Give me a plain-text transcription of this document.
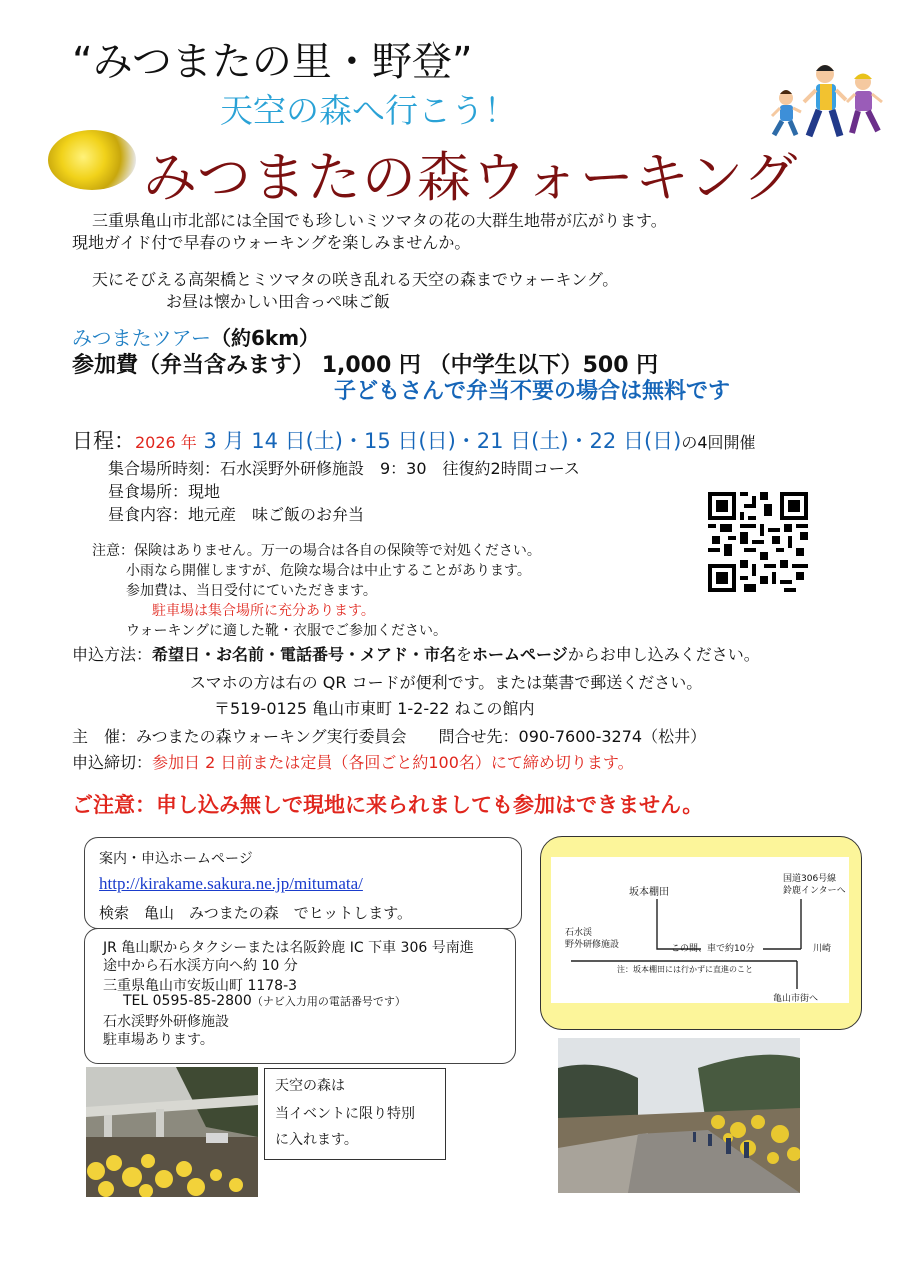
“みつまたの里・野登”
天空の森へ行こう！
みつまたの森ウォーキング
三重県亀山市北部には全国でも珍しいミツマタの花の大群生地帯が広がります。
現地ガイド付で早春のウォーキングを楽しみませんか。
天にそびえる高架橋とミツマタの咲き乱れる天空の森までウォーキング。
お昼は懐かしい田舎っぺ味ご飯
みつまたツアー（約6km）
参加費（弁当含みます） 1,000 円 （中学生以下）500 円
子どもさんで弁当不要の場合は無料です
日程：2026 年 3 月 14 日(土)・15 日(日)・21 日(土)・22 日(日)の4回開催
集合場所時刻：石水渓野外研修施設　9：30　往復約2時間コース
昼食場所：現地
昼食内容：地元産　味ご飯のお弁当
注意：保険はありません。万一の場合は各自の保険等で対処ください。
小雨なら開催しますが、危険な場合は中止することがあります。
参加費は、当日受付にていただきます。
駐車場は集合場所に充分あります。
ウォーキングに適した靴・衣服でご参加ください。
申込方法：希望日・お名前・電話番号・メアド・市名をホームページからお申し込みください。
スマホの方は右の QR コードが便利です。または葉書で郵送ください。
〒519-0125 亀山市東町 1-2-22 ねこの館内
主　催：みつまたの森ウォーキング実行委員会　　問合せ先：090-7600-3274（松井）
申込締切：参加日 2 日前または定員（各回ごと約100名）にて締め切ります。
ご注意：申し込み無しで現地に来られましても参加はできません。
案内・申込ホームページ
http://kirakame.sakura.ne.jp/mitumata/
検索　亀山　みつまたの森　でヒットします。
JR 亀山駅からタクシーまたは名阪鈴鹿 IC 下車 306 号南進
途中から石水渓方向へ約 10 分
三重県亀山市安坂山町 1178-3
TEL 0595-85-2800（ナビ入力用の電話番号です）
石水渓野外研修施設
駐車場あります。
坂本棚田
国道306号線
鈴鹿インターへ
石水渓
野外研修施設	この間、車で約10分	川崎
注：坂本棚田には行かずに直進のこと
亀山市街へ
天空の森は
当イベントに限り特別
に入れます。
